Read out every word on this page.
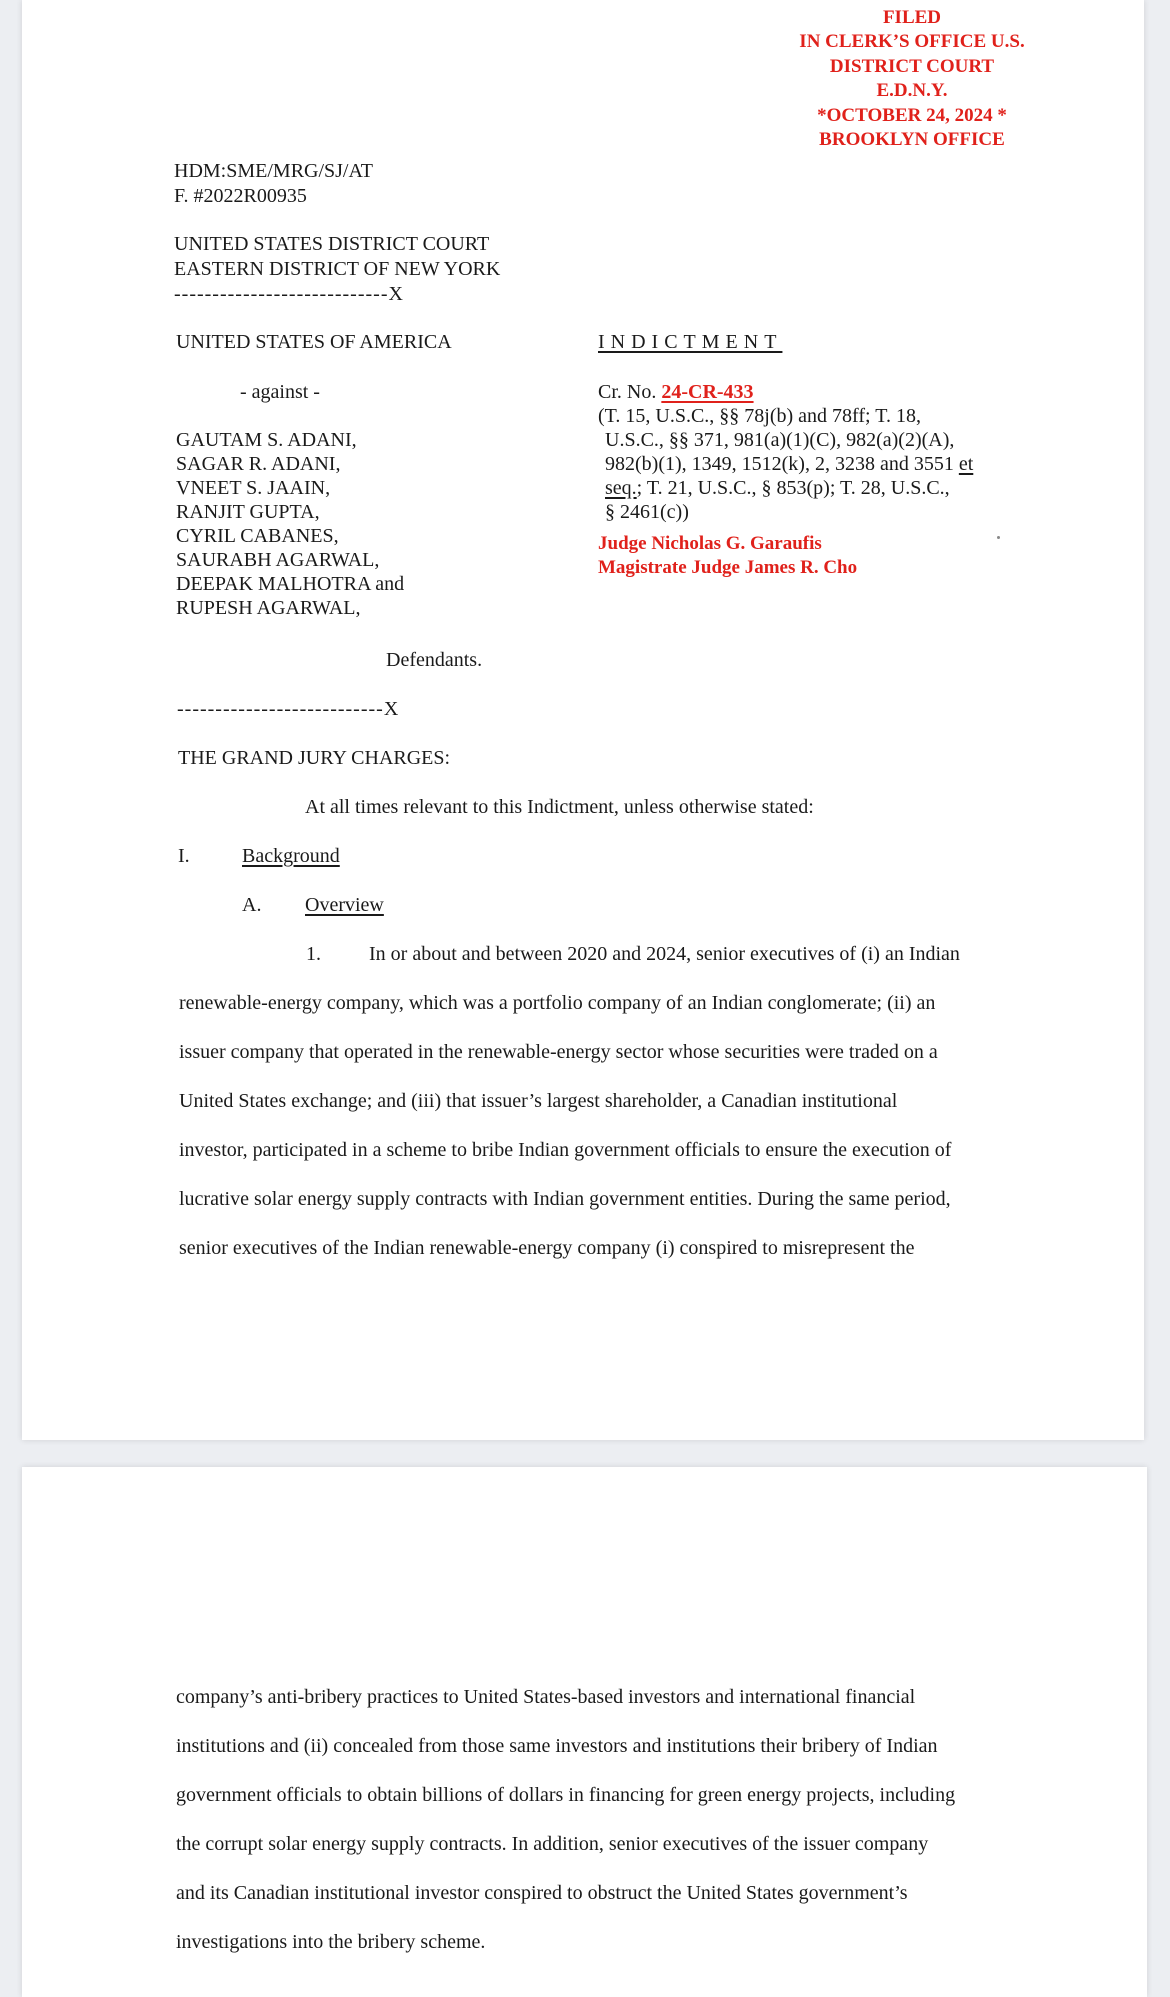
FILED
IN CLERK’S OFFICE U.S.
DISTRICT COURT
E.D.N.Y.
*OCTOBER 24, 2024 *
BROOKLYN OFFICE
HDM:SME/MRG/SJ/AT
F. #2022R00935
UNITED STATES DISTRICT COURT
EASTERN DISTRICT OF NEW YORK
----------------------------X
UNITED STATES OF AMERICA
- against -
GAUTAM S. ADANI,
SAGAR R. ADANI,
VNEET S. JAAIN,
RANJIT GUPTA,
CYRIL CABANES,
SAURABH AGARWAL,
DEEPAK MALHOTRA and
RUPESH AGARWAL,
Defendants.
---------------------------X
INDICTMENT
Cr. No. 24-CR-433
(T. 15, U.S.C., §§ 78j(b) and 78ff; T. 18,
U.S.C., §§ 371, 981(a)(1)(C), 982(a)(2)(A),
982(b)(1), 1349, 1512(k), 2, 3238 and 3551 et
seq.; T. 21, U.S.C., § 853(p); T. 28, U.S.C.,
§ 2461(c))
Judge Nicholas G. Garaufis
Magistrate Judge James R. Cho
THE GRAND JURY CHARGES:
At all times relevant to this Indictment, unless otherwise stated:
I.	Background
A. Overview
1. In or about and between 2020 and 2024, senior executives of (i) an Indian
renewable-energy company, which was a portfolio company of an Indian conglomerate; (ii) an
issuer company that operated in the renewable-energy sector whose securities were traded on a
United States exchange; and (iii) that issuer’s largest shareholder, a Canadian institutional
investor, participated in a scheme to bribe Indian government officials to ensure the execution of
lucrative solar energy supply contracts with Indian government entities. During the same period,
senior executives of the Indian renewable-energy company (i) conspired to misrepresent the
company’s anti-bribery practices to United States-based investors and international financial
institutions and (ii) concealed from those same investors and institutions their bribery of Indian
government officials to obtain billions of dollars in financing for green energy projects, including
the corrupt solar energy supply contracts. In addition, senior executives of the issuer company
and its Canadian institutional investor conspired to obstruct the United States government’s
investigations into the bribery scheme.
